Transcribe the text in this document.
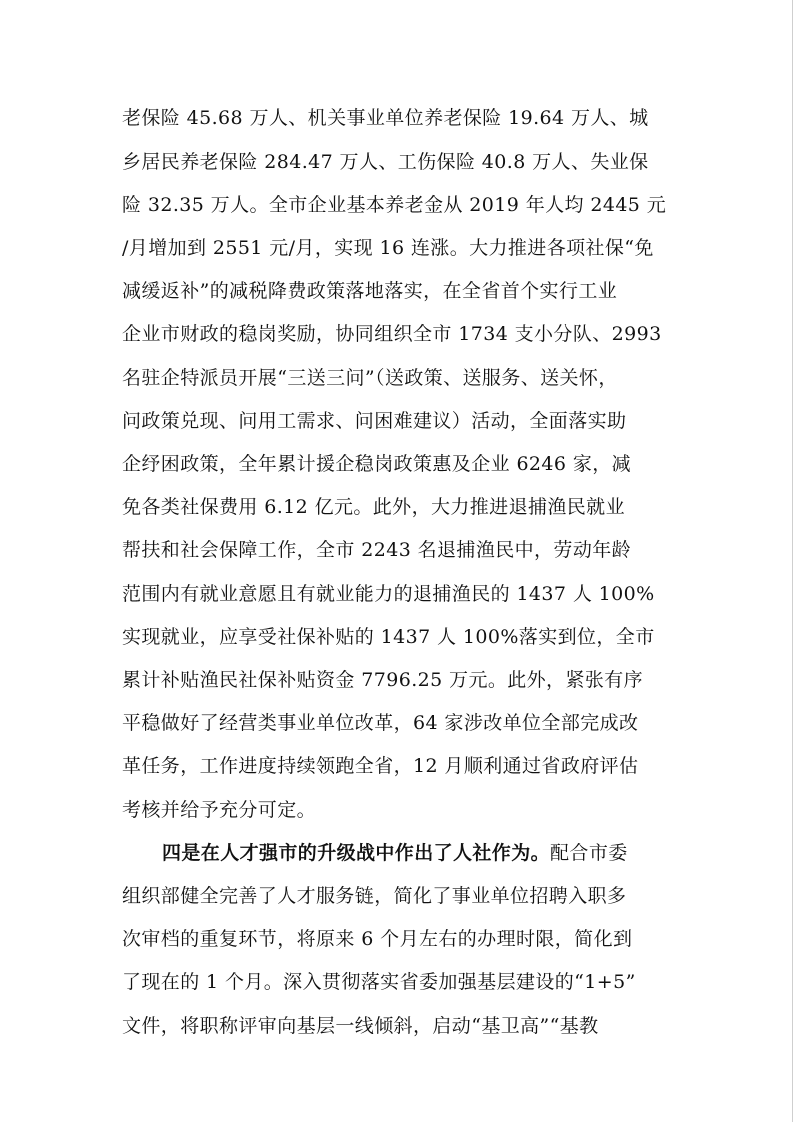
老保险 45.68 万人、机关事业单位养老保险 19.64 万人、城
乡居民养老保险 284.47 万人、工伤保险 40.8 万人、失业保
险 32.35 万人。全市企业基本养老金从 2019 年人均 2445 元
/月增加到 2551 元/月，实现 16 连涨。大力推进各项社保“免
减缓返补”的减税降费政策落地落实，在全省首个实行工业
企业市财政的稳岗奖励，协同组织全市 1734 支小分队、2993
名驻企特派员开展“三送三问”（送政策、送服务、送关怀，
问政策兑现、问用工需求、问困难建议）活动，全面落实助
企纾困政策，全年累计援企稳岗政策惠及企业 6246 家，减
免各类社保费用 6.12 亿元。此外，大力推进退捕渔民就业
帮扶和社会保障工作，全市 2243 名退捕渔民中，劳动年龄
范围内有就业意愿且有就业能力的退捕渔民的 1437 人 100%
实现就业，应享受社保补贴的 1437 人 100%落实到位，全市
累计补贴渔民社保补贴资金 7796.25 万元。此外，紧张有序
平稳做好了经营类事业单位改革，64 家涉改单位全部完成改
革任务，工作进度持续领跑全省，12 月顺利通过省政府评估
考核并给予充分可定。
四是在人才强市的升级战中作出了人社作为。配合市委
组织部健全完善了人才服务链，简化了事业单位招聘入职多
次审档的重复环节，将原来 6 个月左右的办理时限，简化到
了现在的 1 个月。深入贯彻落实省委加强基层建设的“1+5”
文件，将职称评审向基层一线倾斜，启动“基卫高”“基教
